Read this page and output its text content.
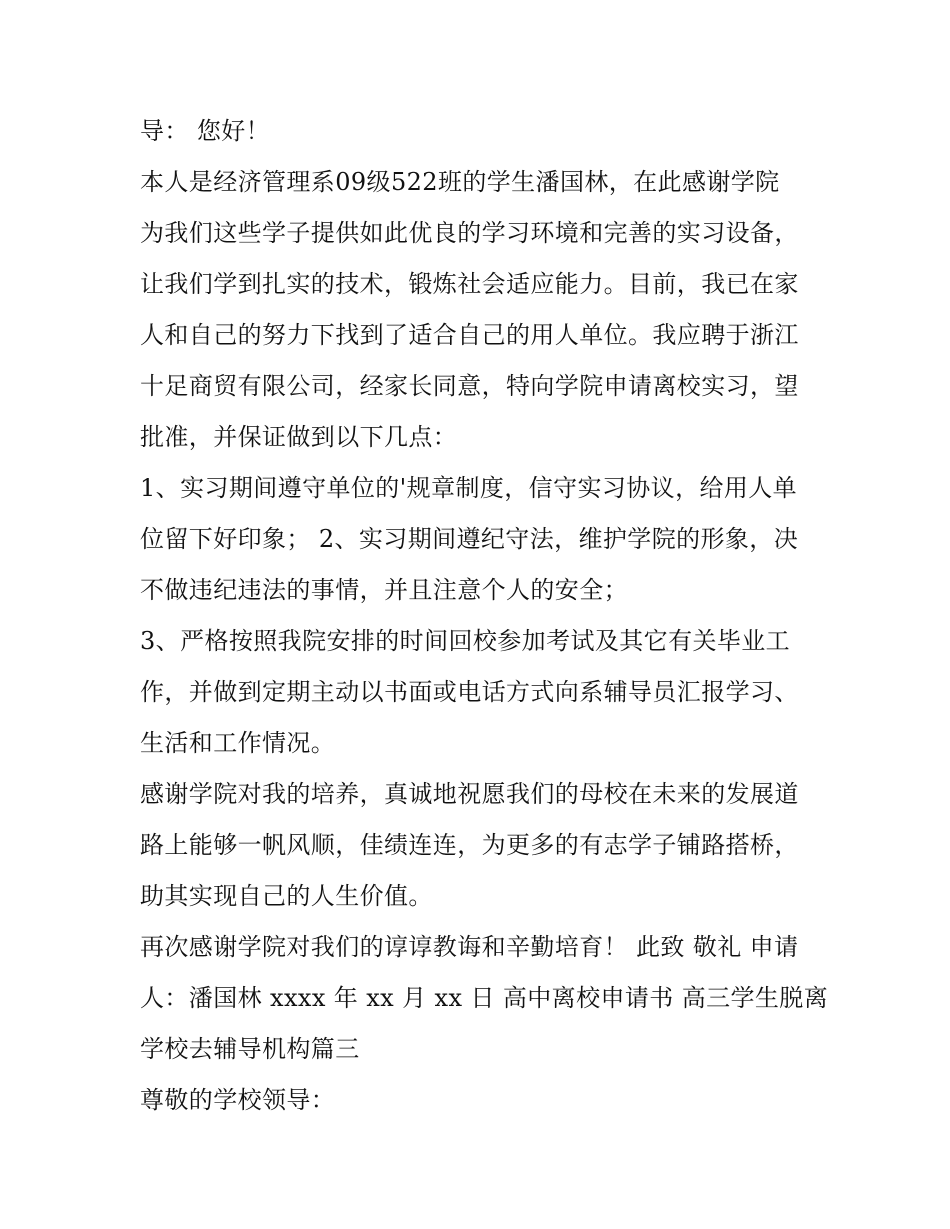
导： 您好！
本人是经济管理系09级522班的学生潘国林，在此感谢学院
为我们这些学子提供如此优良的学习环境和完善的实习设备，
让我们学到扎实的技术，锻炼社会适应能力。目前，我已在家
人和自己的努力下找到了适合自己的用人单位。我应聘于浙江
十足商贸有限公司，经家长同意，特向学院申请离校实习，望
批准，并保证做到以下几点：
1、实习期间遵守单位的'规章制度，信守实习协议，给用人单
位留下好印象； 2、实习期间遵纪守法，维护学院的形象，决
不做违纪违法的事情，并且注意个人的安全；
3、严格按照我院安排的时间回校参加考试及其它有关毕业工
作，并做到定期主动以书面或电话方式向系辅导员汇报学习、
生活和工作情况。
感谢学院对我的培养，真诚地祝愿我们的母校在未来的发展道
路上能够一帆风顺，佳绩连连，为更多的有志学子铺路搭桥，
助其实现自己的人生价值。
再次感谢学院对我们的谆谆教诲和辛勤培育！ 此致 敬礼 申请
人：潘国林 xxxx 年 xx 月 xx 日 高中离校申请书 高三学生脱离
学校去辅导机构篇三
尊敬的学校领导：
